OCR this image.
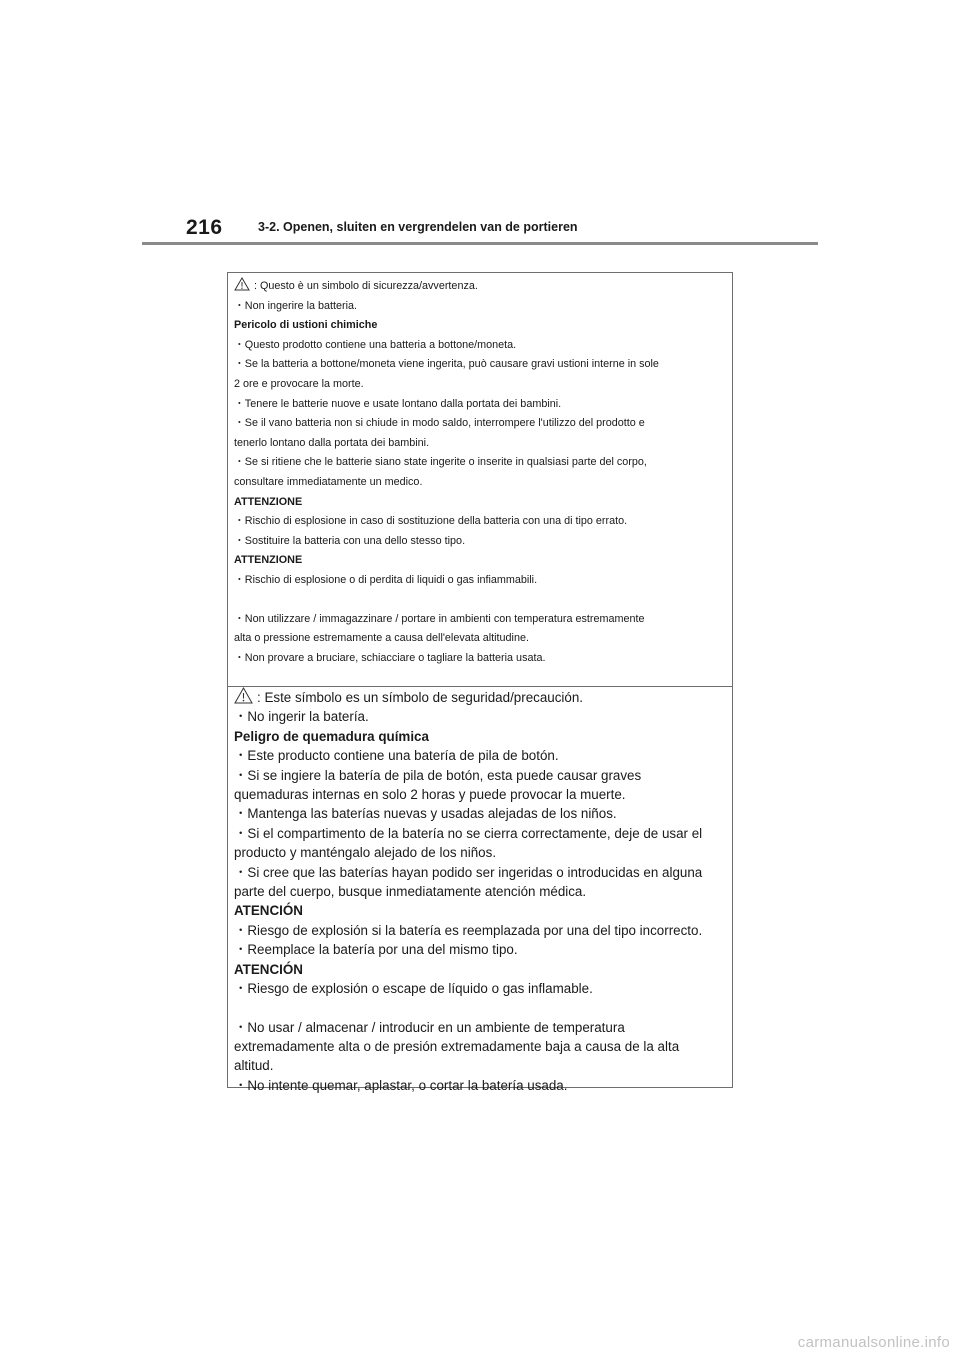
216	3-2. Openen, sluiten en vergrendelen van de portieren
: Questo è un simbolo di sicurezza/avvertenza.
・Non ingerire la batteria.
Pericolo di ustioni chimiche
・Questo prodotto contiene una batteria a bottone/moneta.
・Se la batteria a bottone/moneta viene ingerita, può causare gravi ustioni interne in sole
2 ore e provocare la morte.
・Tenere le batterie nuove e usate lontano dalla portata dei bambini.
・Se il vano batteria non si chiude in modo saldo, interrompere l'utilizzo del prodotto e
tenerlo lontano dalla portata dei bambini.
・Se si ritiene che le batterie siano state ingerite o inserite in qualsiasi parte del corpo,
consultare immediatamente un medico.
ATTENZIONE
・Rischio di esplosione in caso di sostituzione della batteria con una di tipo errato.
・Sostituire la batteria con una dello stesso tipo.
ATTENZIONE
・Rischio di esplosione o di perdita di liquidi o gas infiammabili.
・Non utilizzare / immagazzinare / portare in ambienti con temperatura estremamente
alta o pressione estremamente a causa dell'elevata altitudine.
・Non provare a bruciare, schiacciare o tagliare la batteria usata.
: Este símbolo es un símbolo de seguridad/precaución.
・No ingerir la batería.
Peligro de quemadura química
・Este producto contiene una batería de pila de botón.
・Si se ingiere la batería de pila de botón, esta puede causar graves
quemaduras internas en solo 2 horas y puede provocar la muerte.
・Mantenga las baterías nuevas y usadas alejadas de los niños.
・Si el compartimento de la batería no se cierra correctamente, deje de usar el
producto y manténgalo alejado de los niños.
・Si cree que las baterías hayan podido ser ingeridas o introducidas en alguna
parte del cuerpo, busque inmediatamente atención médica.
ATENCIÓN
・Riesgo de explosión si la batería es reemplazada por una del tipo incorrecto.
・Reemplace la batería por una del mismo tipo.
ATENCIÓN
・Riesgo de explosión o escape de líquido o gas inflamable.
・No usar / almacenar / introducir en un ambiente de temperatura
extremadamente alta o de presión extremadamente baja a causa de la alta
altitud.
・No intente quemar, aplastar, o cortar la batería usada.
carmanualsonline.info
